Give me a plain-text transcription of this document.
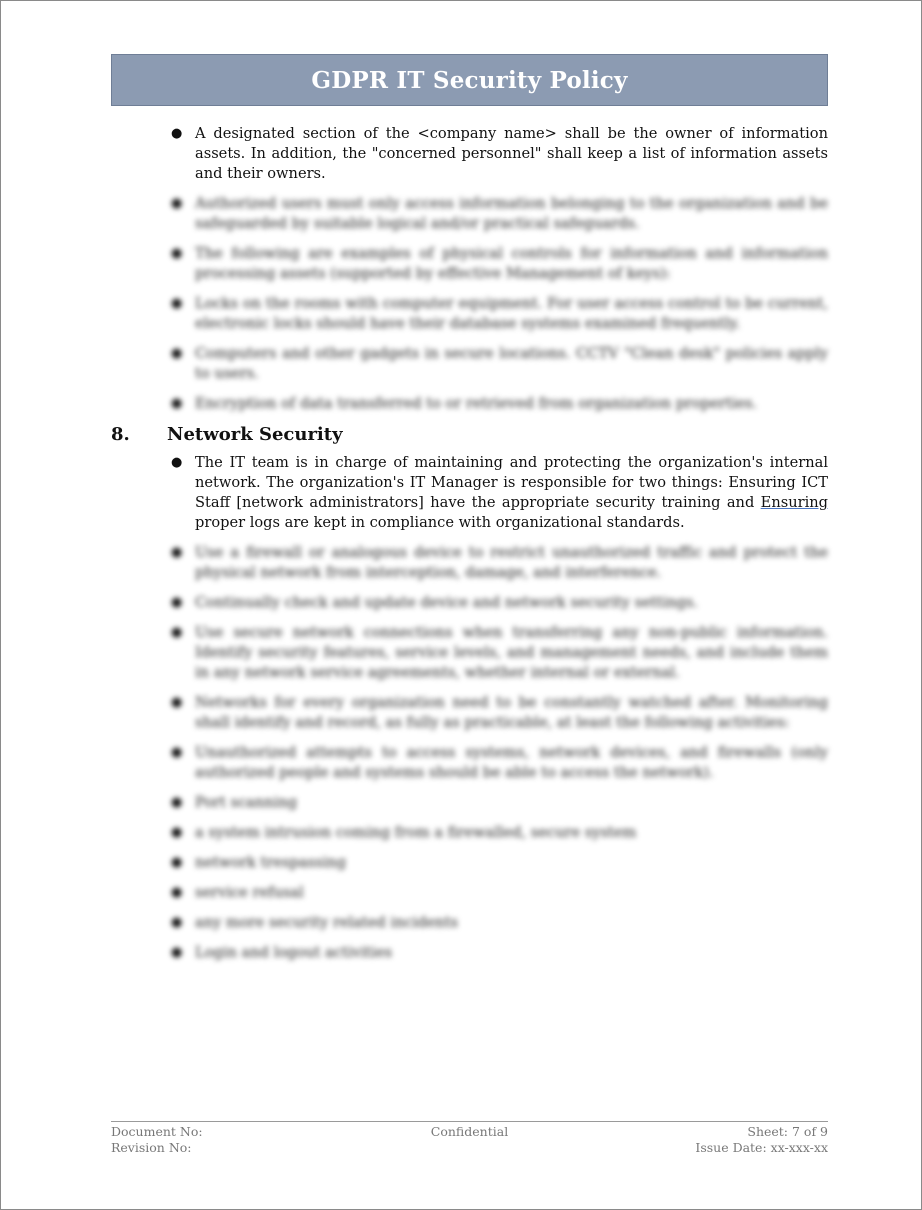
GDPR IT Security Policy
● A designated section of the <company name> shall be the owner of information assets. In addition, the "concerned personnel" shall keep a list of information assets and their owners.
● Authorized users must only access information belonging to the organization and be safeguarded by suitable logical and/or practical safeguards.
● The following are examples of physical controls for information and information processing assets (supported by effective Management of keys):
● Locks on the rooms with computer equipment. For user access control to be current, electronic locks should have their database systems examined frequently.
● Computers and other gadgets in secure locations. CCTV "Clean desk" policies apply to users.
● Encryption of data transferred to or retrieved from organization properties.
8.	Network Security
● The IT team is in charge of maintaining and protecting the organization's internal network. The organization's IT Manager is responsible for two things: Ensuring ICT Staff [network administrators] have the appropriate security training and Ensuring proper logs are kept in compliance with organizational standards.
● Use a firewall or analogous device to restrict unauthorized traffic and protect the physical network from interception, damage, and interference.
● Continually check and update device and network security settings.
● Use secure network connections when transferring any non-public information. Identify security features, service levels, and management needs, and include them in any network service agreements, whether internal or external.
● Networks for every organization need to be constantly watched after. Monitoring shall identify and record, as fully as practicable, at least the following activities:
● Unauthorized attempts to access systems, network devices, and firewalls (only authorized people and systems should be able to access the network).
● Port scanning
● a system intrusion coming from a firewalled, secure system
● network trespassing
● service refusal
● any more security related incidents
● Login and logout activities
Document No:	Confidential	Sheet: 7 of 9
Revision No:	Issue Date: xx-xxx-xx
